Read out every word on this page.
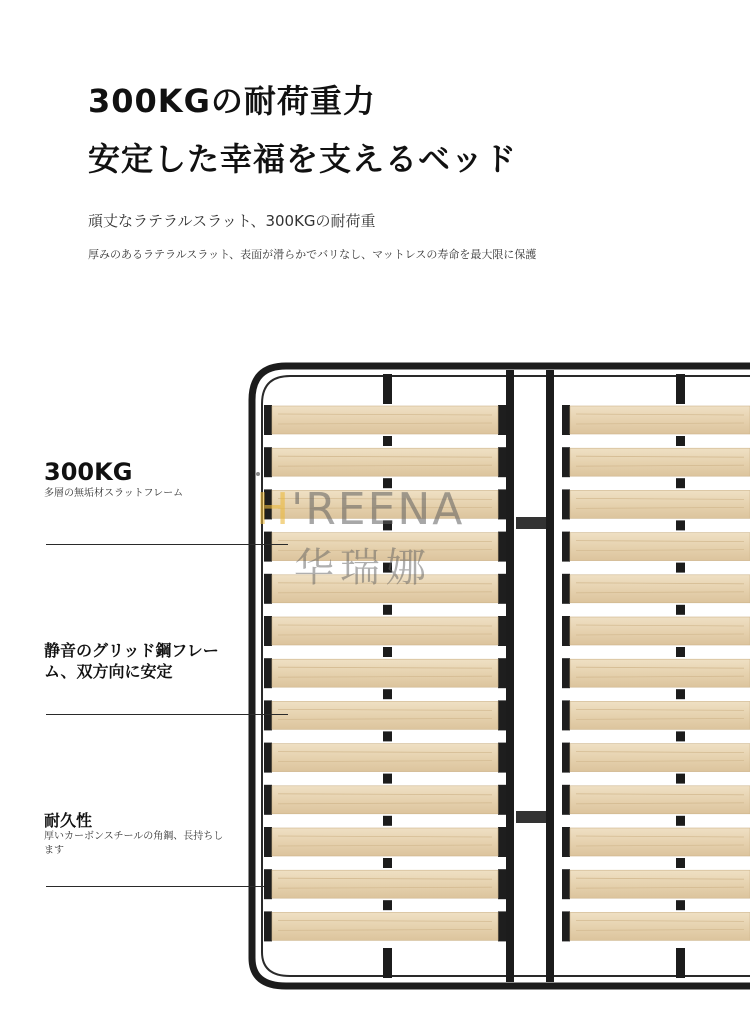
300KGの耐荷重力
安定した幸福を支えるベッド
頑丈なラテラルスラット、300KGの耐荷重
厚みのあるラテラルスラット、表面が滑らかでバリなし、マットレスの寿命を最大限に保護
H'REENA
华瑞娜
300KG
多層の無垢材スラットフレーム
静音のグリッド鋼フレーム、双方向に安定
耐久性
厚いカーボンスチールの角鋼、長持ちします
